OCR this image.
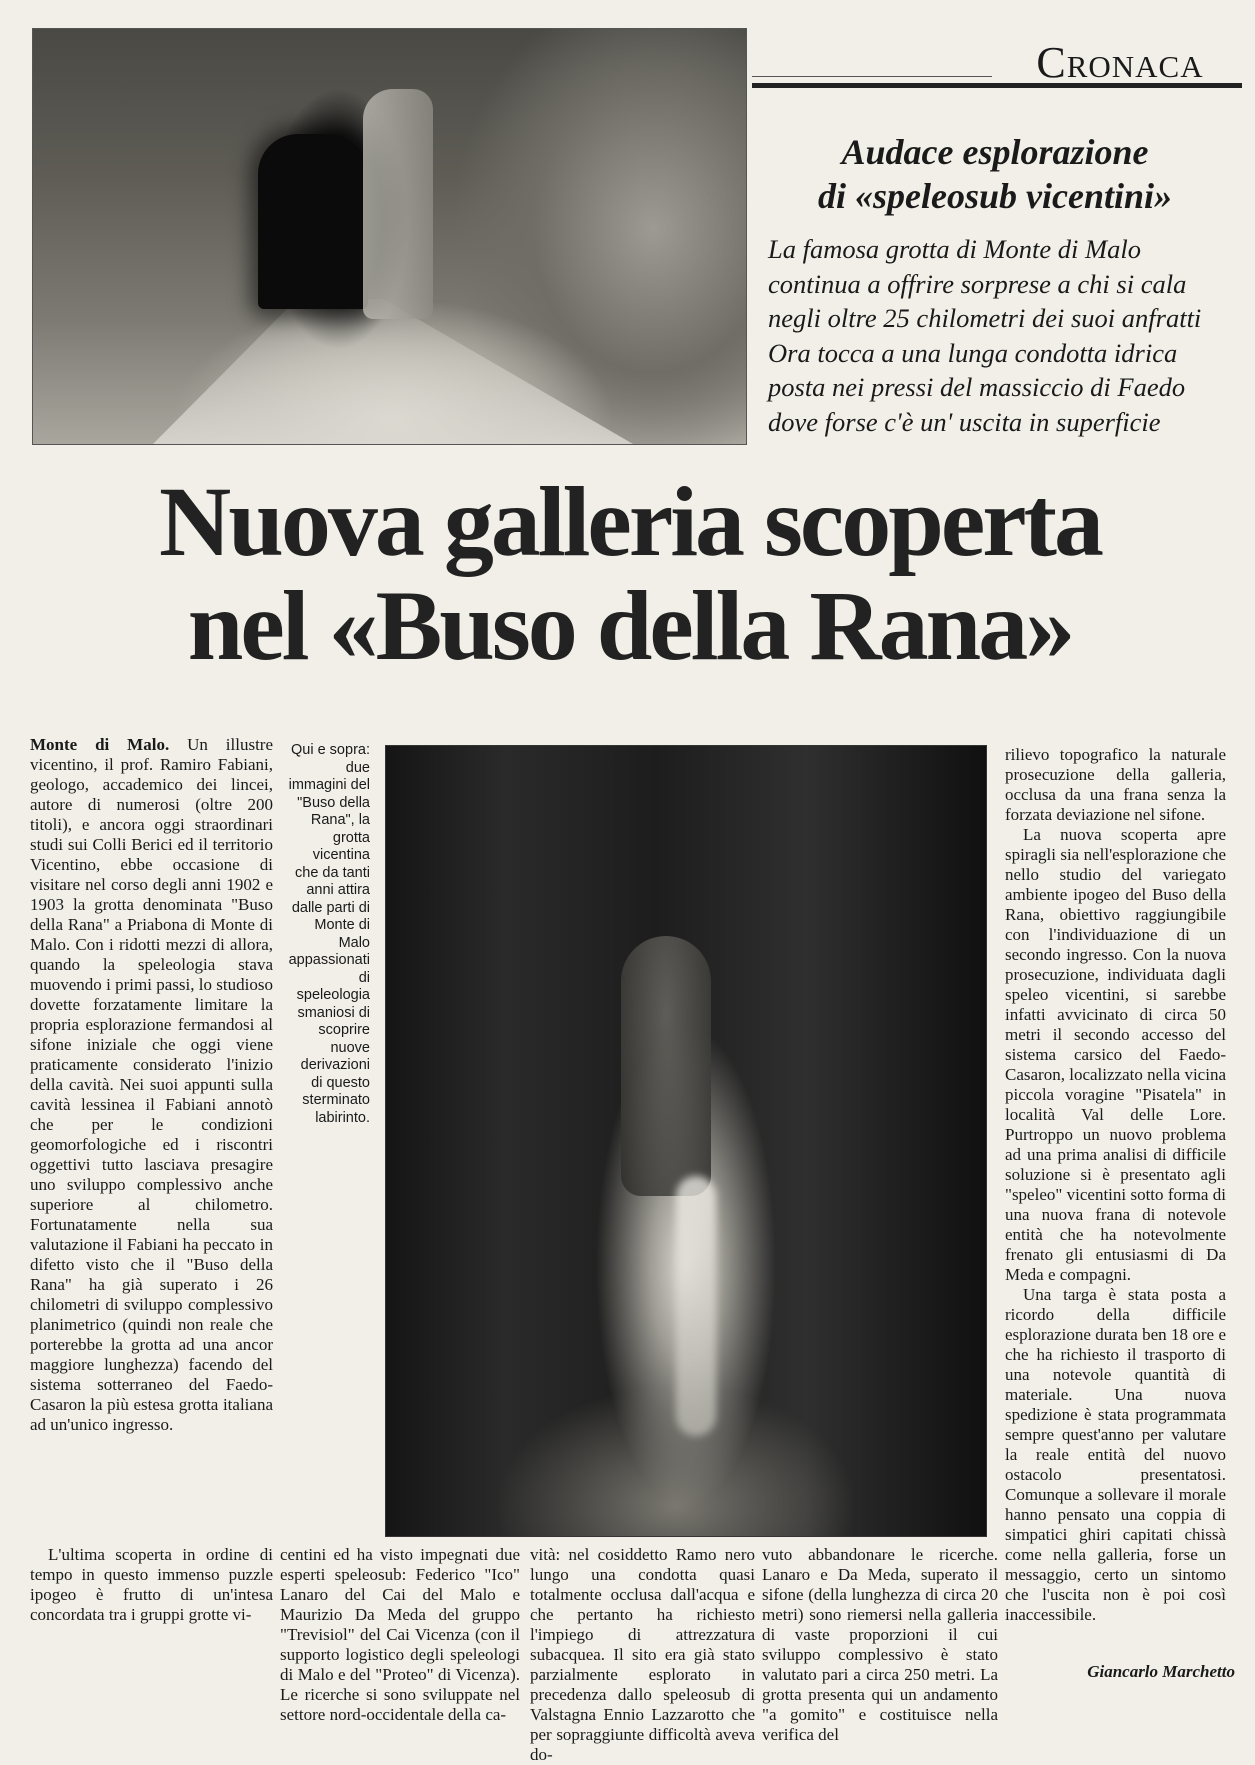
Cronaca
Audace esplorazione
di «speleosub vicentini»
La famosa grotta di Monte di Malo
continua a offrire sorprese a chi si cala
negli oltre 25 chilometri dei suoi anfratti
Ora tocca a una lunga condotta idrica
posta nei pressi del massiccio di Faedo
dove forse c'è un' uscita in superficie
Nuova galleria scoperta
nel «Buso della Rana»

Monte di Malo. Un illustre vicentino, il prof. Ramiro Fabiani, geologo, accademico dei lincei, autore di numerosi (oltre 200 titoli), e ancora oggi straordinari studi sui Colli Berici ed il territorio Vicentino, ebbe occasione di visitare nel corso degli anni 1902 e 1903 la grotta denominata "Buso della Rana" a Priabona di Monte di Malo. Con i ridotti mezzi di allora, quando la speleologia stava muovendo i primi passi, lo studioso dovette forzatamente limitare la propria esplorazione fermandosi al sifone iniziale che oggi viene praticamente considerato l'inizio della cavità. Nei suoi appunti sulla cavità lessinea il Fabiani annotò che per le condizioni geomorfologiche ed i riscontri oggettivi tutto lasciava presagire uno sviluppo complessivo anche superiore al chilometro. Fortunatamente nella sua valutazione il Fabiani ha peccato in difetto visto che il "Buso della Rana" ha già superato i 26 chilometri di sviluppo complessivo planimetrico (quindi non reale che porterebbe la grotta ad una ancor maggiore lunghezza) facendo del sistema sotterraneo del Faedo-Casaron la più estesa grotta italiana ad un'unico ingresso.

L'ultima scoperta in ordine di tempo in questo immenso puzzle ipogeo è frutto di un'intesa concordata tra i gruppi grotte vi-

Qui e sopra: due immagini del "Buso della Rana", la grotta vicentina che da tanti anni attira dalle parti di Monte di Malo appassionati di speleologia smaniosi di scoprire nuove derivazioni di questo sterminato labirinto.

rilievo topografico la naturale prosecuzione della galleria, occlusa da una frana senza la forzata deviazione nel sifone.

La nuova scoperta apre spiragli sia nell'esplorazione che nello studio del variegato ambiente ipogeo del Buso della Rana, obiettivo raggiungibile con l'individuazione di un secondo ingresso. Con la nuova prosecuzione, individuata dagli speleo vicentini, si sarebbe infatti avvicinato di circa 50 metri il secondo accesso del sistema carsico del Faedo-Casaron, localizzato nella vicina piccola voragine "Pisatela" in località Val delle Lore. Purtroppo un nuovo problema ad una prima analisi di difficile soluzione si è presentato agli "speleo" vicentini sotto forma di una nuova frana di notevole entità che ha notevolmente frenato gli entusiasmi di Da Meda e compagni.

Una targa è stata posta a ricordo della difficile esplorazione durata ben 18 ore e che ha richiesto il trasporto di una notevole quantità di materiale. Una nuova spedizione è stata programmata sempre quest'anno per valutare la reale entità del nuovo ostacolo presentatosi. Comunque a sollevare il morale hanno pensato una coppia di simpatici ghiri capitati chissà come nella galleria, forse un messaggio, certo un sintomo che l'uscita non è poi così inaccessibile.

centini ed ha visto impegnati due esperti speleosub: Federico "Ico" Lanaro del Cai del Malo e Maurizio Da Meda del gruppo "Trevisiol" del Cai Vicenza (con il supporto logistico degli speleologi di Malo e del "Proteo" di Vicenza). Le ricerche si sono sviluppate nel settore nord-occidentale della ca-

vità: nel cosiddetto Ramo nero lungo una condotta quasi totalmente occlusa dall'acqua e che pertanto ha richiesto l'impiego di attrezzatura subacquea. Il sito era già stato parzialmente esplorato in precedenza dallo speleosub di Valstagna Ennio Lazzarotto che per sopraggiunte difficoltà aveva do-

vuto abbandonare le ricerche. Lanaro e Da Meda, superato il sifone (della lunghezza di circa 20 metri) sono riemersi nella galleria di vaste proporzioni il cui sviluppo complessivo è stato valutato pari a circa 250 metri. La grotta presenta qui un andamento "a gomito" e costituisce nella verifica del

Giancarlo Marchetto
